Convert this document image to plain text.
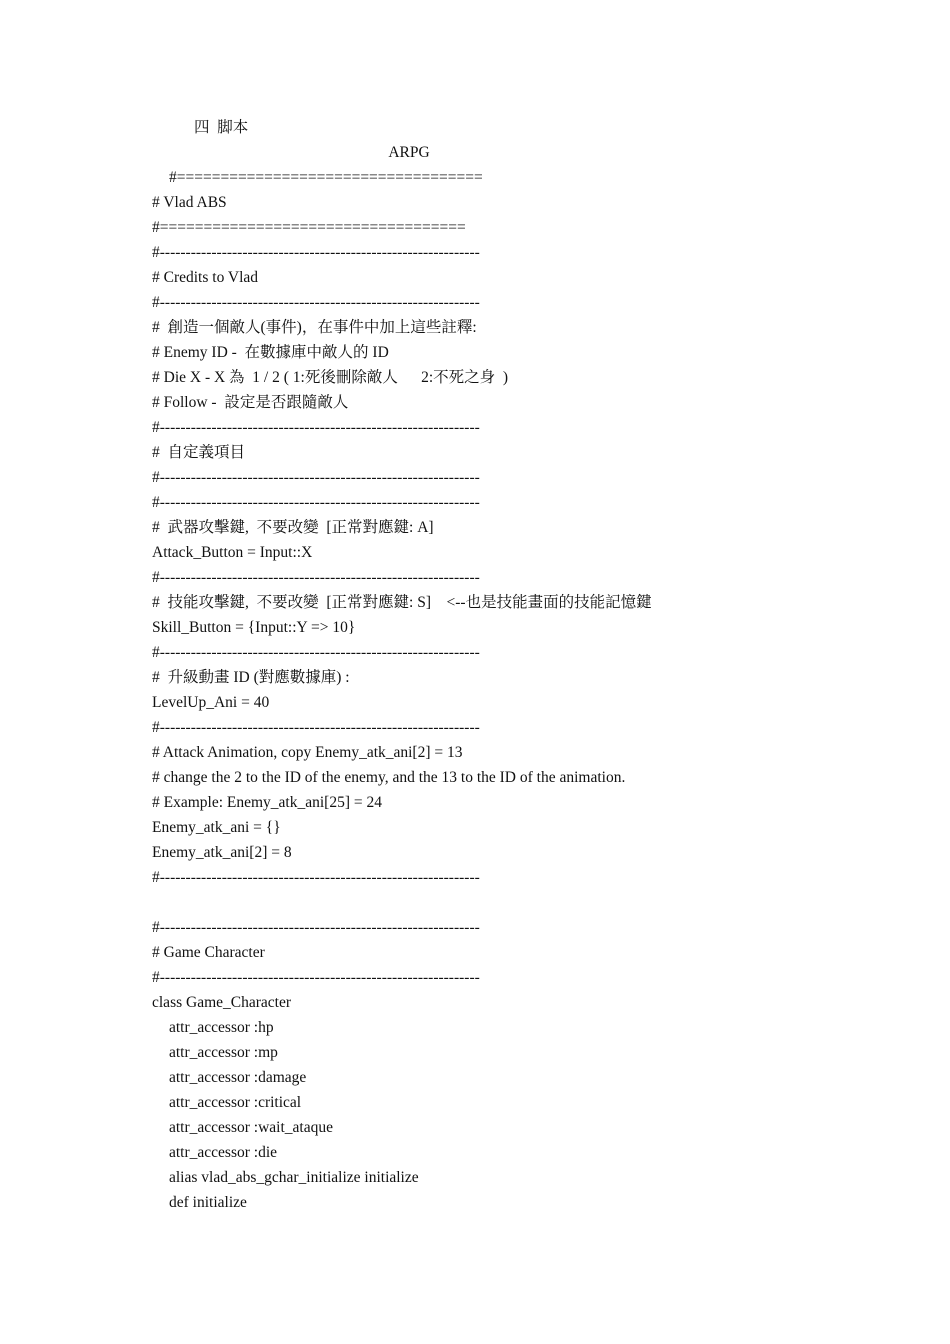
四  脚本
ARPG
#===================================
# Vlad ABS
#===================================
#--------------------------------------------------------------
# Credits to Vlad
#--------------------------------------------------------------
#  創造一個敵人(事件)，在事件中加上這些註釋:
# Enemy ID -  在數據庫中敵人的 ID
# Die X - X 為  1 / 2 ( 1:死後刪除敵人      2:不死之身  )
# Follow -  設定是否跟隨敵人
#--------------------------------------------------------------
#  自定義項目
#--------------------------------------------------------------
#--------------------------------------------------------------
#  武器攻擊鍵,  不要改變  [正常對應鍵: A]
Attack_Button = Input::X
#--------------------------------------------------------------
#  技能攻擊鍵,  不要改變  [正常對應鍵: S]    <--也是技能畫面的技能記憶鍵
Skill_Button = {Input::Y => 10}
#--------------------------------------------------------------
#  升級動畫 ID (對應數據庫) :
LevelUp_Ani = 40
#--------------------------------------------------------------
# Attack Animation, copy Enemy_atk_ani[2] = 13
# change the 2 to the ID of the enemy, and the 13 to the ID of the animation.
# Example: Enemy_atk_ani[25] = 24
Enemy_atk_ani = {}
Enemy_atk_ani[2] = 8
#--------------------------------------------------------------
#--------------------------------------------------------------
# Game Character
#--------------------------------------------------------------
class Game_Character
attr_accessor :hp
attr_accessor :mp
attr_accessor :damage
attr_accessor :critical
attr_accessor :wait_ataque
attr_accessor :die
alias vlad_abs_gchar_initialize initialize
def initialize
